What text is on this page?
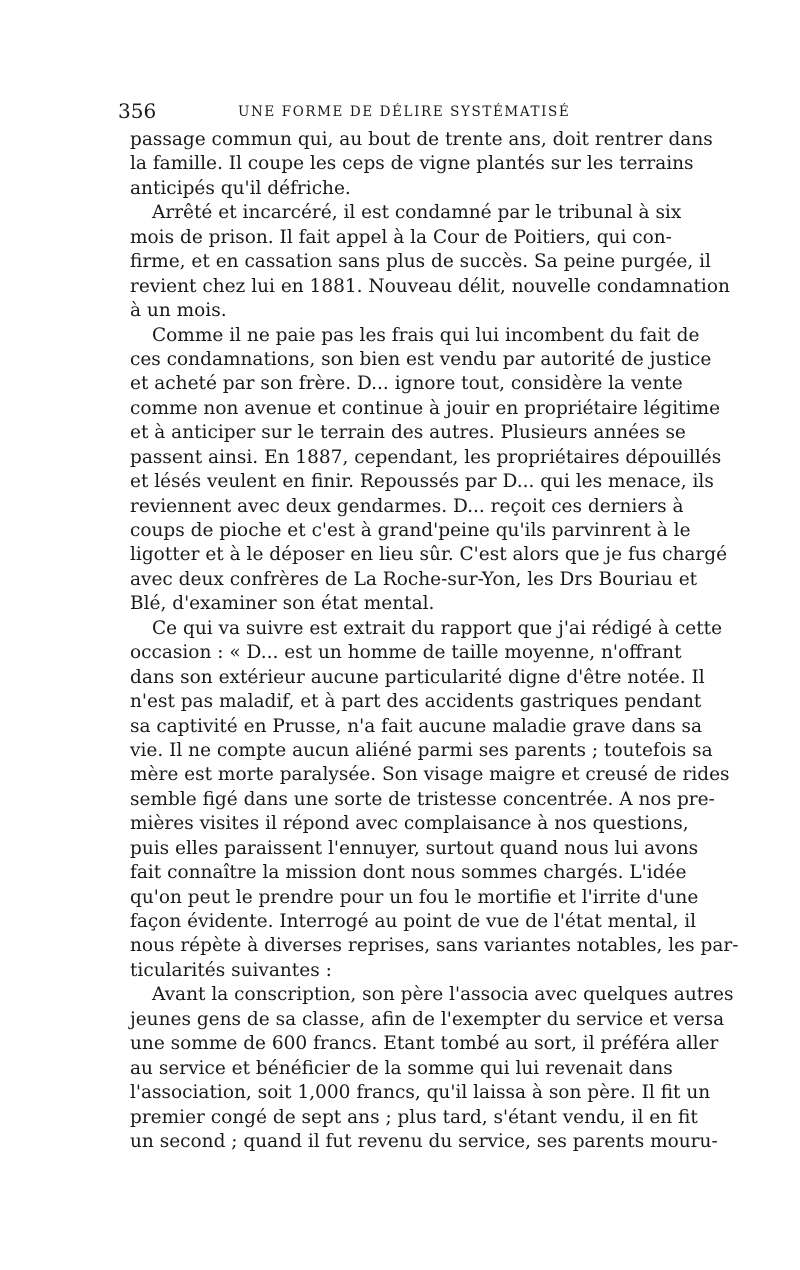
356	UNE FORME DE DÉLIRE SYSTÉMATISÉ
passage commun qui, au bout de trente ans, doit rentrer dans
la famille. Il coupe les ceps de vigne plantés sur les terrains
anticipés qu'il défriche.
Arrêté et incarcéré, il est condamné par le tribunal à six
mois de prison. Il fait appel à la Cour de Poitiers, qui con-
firme, et en cassation sans plus de succès. Sa peine purgée, il
revient chez lui en 1881. Nouveau délit, nouvelle condamnation
à un mois.
Comme il ne paie pas les frais qui lui incombent du fait de
ces condamnations, son bien est vendu par autorité de justice
et acheté par son frère. D... ignore tout, considère la vente
comme non avenue et continue à jouir en propriétaire légitime
et à anticiper sur le terrain des autres. Plusieurs années se
passent ainsi. En 1887, cependant, les propriétaires dépouillés
et lésés veulent en finir. Repoussés par D... qui les menace, ils
reviennent avec deux gendarmes. D... reçoit ces derniers à
coups de pioche et c'est à grand'peine qu'ils parvinrent à le
ligotter et à le déposer en lieu sûr. C'est alors que je fus chargé
avec deux confrères de La Roche-sur-Yon, les Drs Bouriau et
Blé, d'examiner son état mental.
Ce qui va suivre est extrait du rapport que j'ai rédigé à cette
occasion : « D... est un homme de taille moyenne, n'offrant
dans son extérieur aucune particularité digne d'être notée. Il
n'est pas maladif, et à part des accidents gastriques pendant
sa captivité en Prusse, n'a fait aucune maladie grave dans sa
vie. Il ne compte aucun aliéné parmi ses parents ; toutefois sa
mère est morte paralysée. Son visage maigre et creusé de rides
semble figé dans une sorte de tristesse concentrée. A nos pre-
mières visites il répond avec complaisance à nos questions,
puis elles paraissent l'ennuyer, surtout quand nous lui avons
fait connaître la mission dont nous sommes chargés. L'idée
qu'on peut le prendre pour un fou le mortifie et l'irrite d'une
façon évidente. Interrogé au point de vue de l'état mental, il
nous répète à diverses reprises, sans variantes notables, les par-
ticularités suivantes :
Avant la conscription, son père l'associa avec quelques autres
jeunes gens de sa classe, afin de l'exempter du service et versa
une somme de 600 francs. Etant tombé au sort, il préféra aller
au service et bénéficier de la somme qui lui revenait dans
l'association, soit 1,000 francs, qu'il laissa à son père. Il fit un
premier congé de sept ans ; plus tard, s'étant vendu, il en fit
un second ; quand il fut revenu du service, ses parents mouru-
